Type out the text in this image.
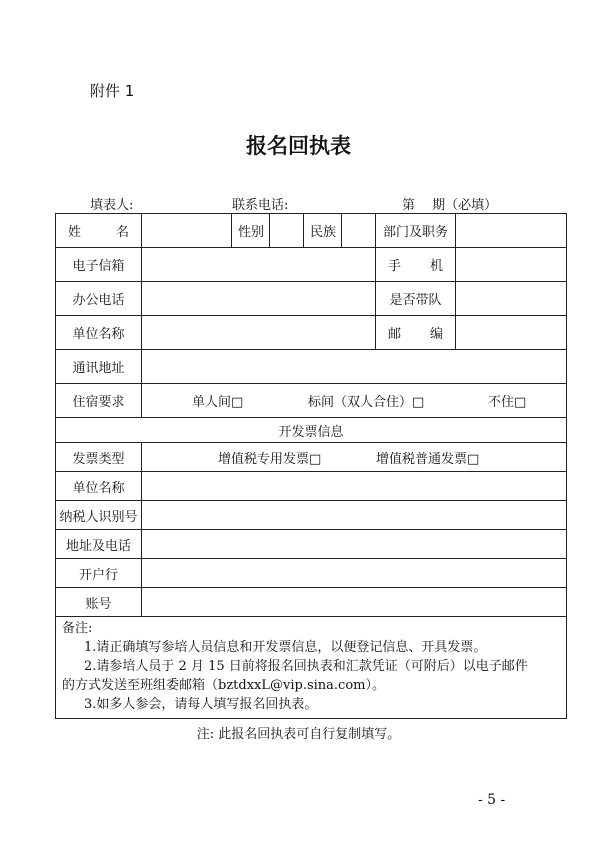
附件 1
报名回执表
填表人:	联系电话:	第　 期（必填）
姓 名		性别		民族		部门及职务	
电子信箱						手 机	

办公电话						是否带队	
单位名称						邮 编	

通讯地址							
住宿要求	单人间□ 标间（双人合住）□ 不住□						
开发票信息							
发票类型	增值税专用发票□ 增值税普通发票□						
单位名称							
纳税人识别号							
地址及电话							
开户行							
账号							

备注:
1.请正确填写参培人员信息和开发票信息，以便登记信息、开具发票。
2.请参培人员于 2 月 15 日前将报名回执表和汇款凭证（可附后）以电子邮件
的方式发送至班组委邮箱（bztdxxL@vip.sina.com）。
3.如多人参会，请每人填写报名回执表。							
注: 此报名回执表可自行复制填写。
- 5 -
